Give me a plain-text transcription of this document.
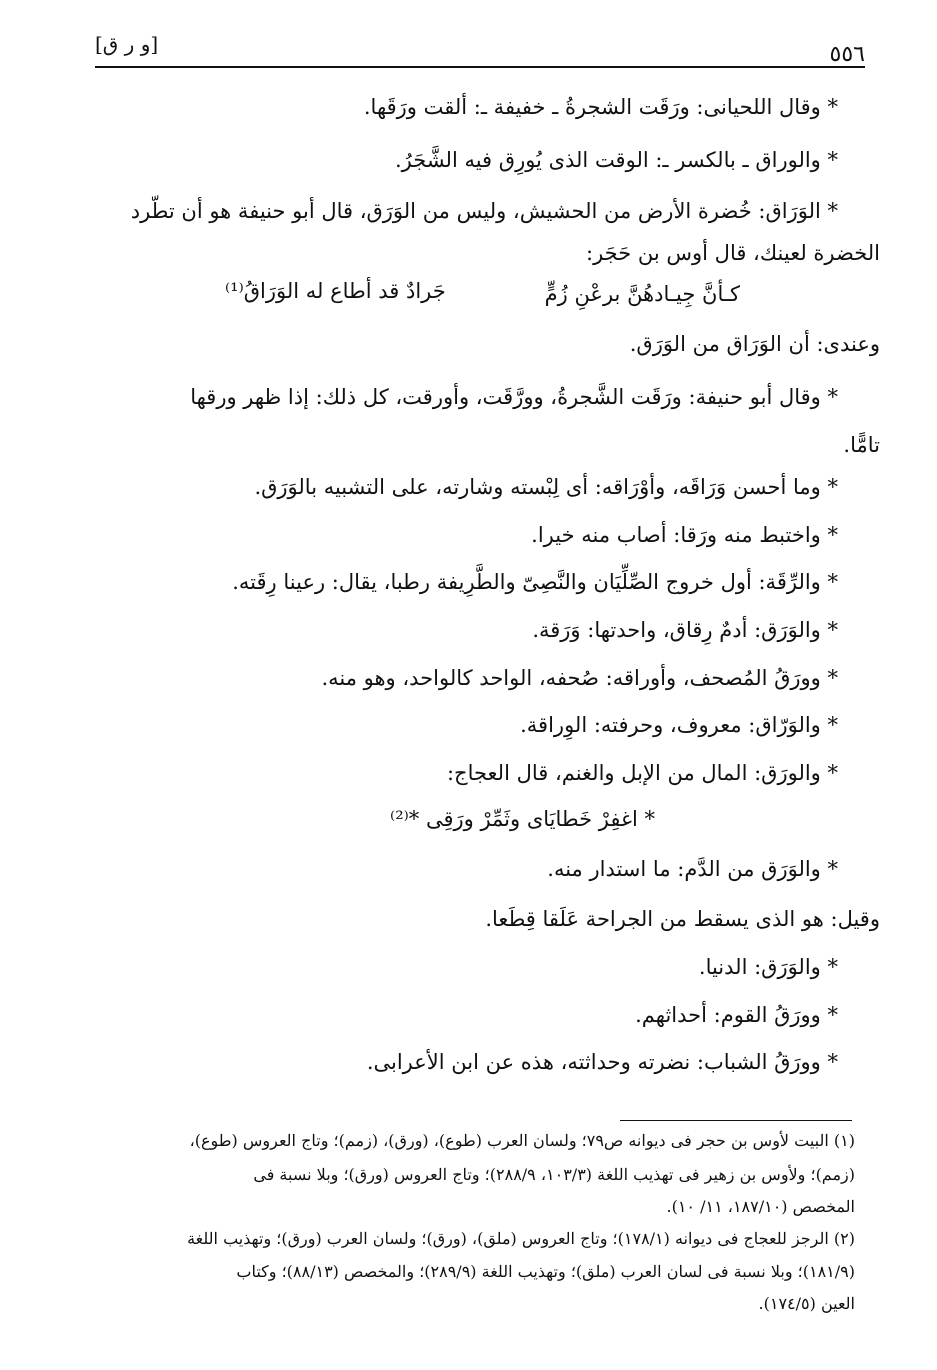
٥٥٦
[و ر ق]
* وقال اللحيانى: ورَقَت الشجرةُ ـ خفيفة ـ: ألقت ورَقَها.
* والوراق ـ بالكسر ـ: الوقت الذى يُورِق فيه الشَّجَرُ.
* الوَرَاق: خُضرة الأرض من الحشيش، وليس من الوَرَق، قال أبو حنيفة هو أن تطّرد
الخضرة لعينك، قال أوس بن حَجَر:
كـأنَّ جِيـادهُنَّ برعْنِ زُمٍّ
جَرادٌ قد أطاع له الوَرَاقُ⁽¹⁾
وعندى: أن الوَرَاق من الوَرَق.
* وقال أبو حنيفة: ورَقَت الشَّجرةُ، وورَّقَت، وأورقت، كل ذلك: إذا ظهر ورقها
تامًّا.
* وما أحسن وَرَاقَه، وأوْرَاقه: أى لِبْسته وشارته، على التشبيه بالوَرَق.
* واختبط منه ورَقا: أصاب منه خيرا.
* والرِّقَة: أول خروج الصِّلِّيَان والنَّصِىّ والطَّرِيفة رطبا، يقال: رعينا رِقَته.
* والوَرَق: أدمٌ رِقاق، واحدتها: وَرَقة.
* وورَقُ المُصحف، وأوراقه: صُحفه، الواحد كالواحد، وهو منه.
* والوَرّاق: معروف، وحرفته: الوِراقة.
* والورَق: المال من الإبل والغنم، قال العجاج:
* اغفِرْ خَطايَاى وثَمِّرْ ورَقِى *⁽²⁾
* والوَرَق من الدَّم: ما استدار منه.
وقيل: هو الذى يسقط من الجراحة عَلَقا قِطَعا.
* والوَرَق: الدنيا.
* وورَقُ القوم: أحداثهم.
* وورَقُ الشباب: نضرته وحداثته، هذه عن ابن الأعرابى.
(١) البيت لأوس بن حجر فى ديوانه ص٧٩؛ ولسان العرب (طوع)، (ورق)، (زمم)؛ وتاج العروس (طوع)،
(زمم)؛ ولأوس بن زهير فى تهذيب اللغة (١٠٣/٣، ٢٨٨/٩)؛ وتاج العروس (ورق)؛ وبلا نسبة فى
المخصص (١٨٧/١٠، ١١/ ١٠).
(٢) الرجز للعجاج فى ديوانه (١٧٨/١)؛ وتاج العروس (ملق)، (ورق)؛ ولسان العرب (ورق)؛ وتهذيب اللغة
(١٨١/٩)؛ وبلا نسبة فى لسان العرب (ملق)؛ وتهذيب اللغة (٢٨٩/٩)؛ والمخصص (٨٨/١٣)؛ وكتاب
العين (١٧٤/٥).
